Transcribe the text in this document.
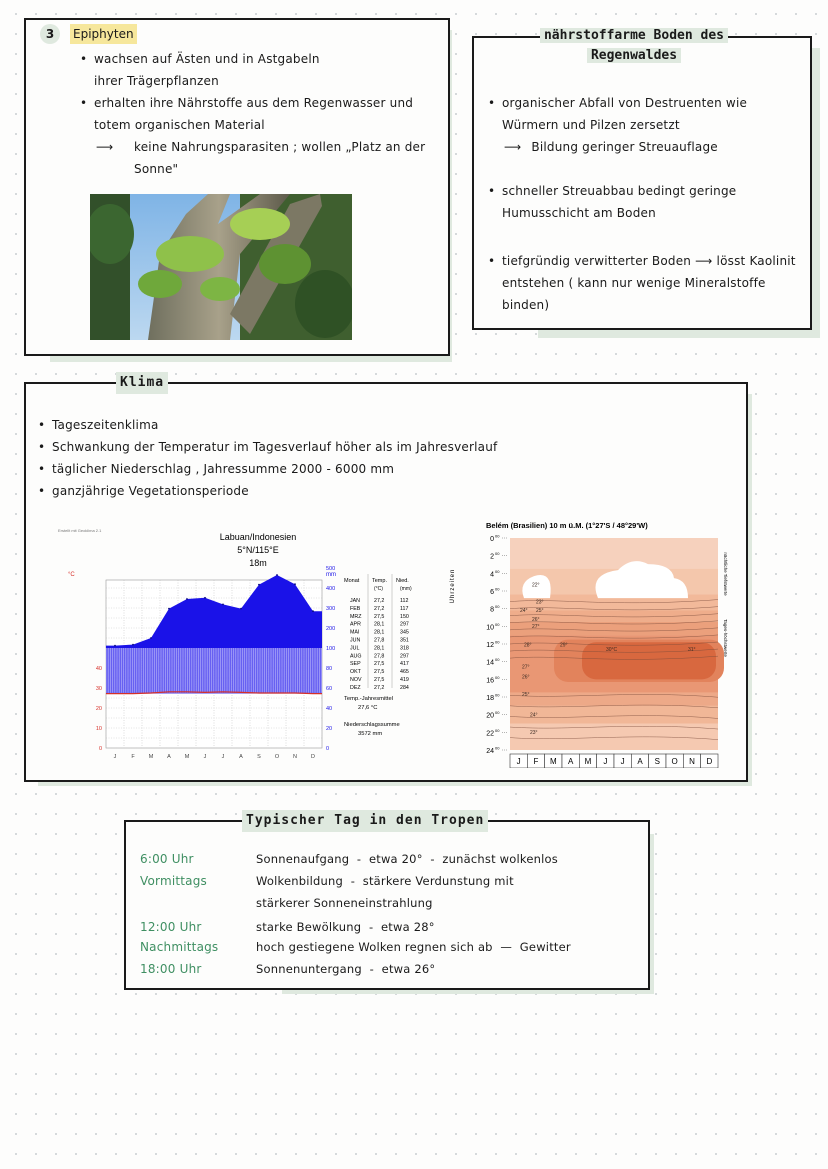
3	Epiphyten
• wachsen auf Ästen und in Astgabeln ihrer Trägerpflanzen
• erhalten ihre Nährstoffe aus dem Regenwasser und totem organischen Material
⟶	keine Nahrungsparasiten ; wollen „Platz an der Sonne"
nährstoffarme Boden des
Regenwaldes
• organischer Abfall von Destruenten wie Würmern und Pilzen zersetzt
⟶ Bildung geringer Streuauflage
• schneller Streuabbau bedingt geringe Humusschicht am Boden
• tiefgründig verwitterter Boden ⟶ lösst Kaolinit entstehen ( kann nur wenige Mineralstoffe binden)
Klima
• Tageszeitenklima
• Schwankung der Temperatur im Tagesverlauf höher als im Jahresverlauf
• täglicher Niederschlag , Jahressumme 2000 - 6000 mm
• ganzjährige Vegetationsperiode
Erstellt mit Geoklima 2.1
Labuan/Indonesien
5°N/115°E
18m
°C	mm
0
10
20
30
40
0
20
40
60
80
100
200
300
400
500
J	F	M	A	M	J	J	A	S	O	N	D
Monat Temp. Nied.
(°C)	(mm)
JAN	27,2	112
FEB	27,2	117
MRZ 27,5	150
APR 28,1	297
MAI	28,1	345
JUN	27,8	351
JUL	28,1	318
AUG 27,8	297
SEP	27,5	417
OKT 27,5	465
NOV 27,5	419
DEZ	27,2	284
Temp.-Jahresmittel
27,6 °C
Niederschlagssumme
3572 mm
Belém (Brasilien) 10 m ü.M. (1°27'S / 48°29'W)
Uhrzeiten	22°
23°
24° 25°
26°
27°
28°	29°
30°C	31°
27°
26°
25°
24°
23°
0 00
2 00
4 00
6 00
8 00
10 00
12 00
14 00
16 00
18 00
20 00
22 00
24 00
J F M A M J J A S O N D
nächtliche Tiefstwerte
Tages-höchstwerte
Typischer Tag in den Tropen
6:00 Uhr	Sonnenaufgang  -  etwa 20°  -  zunächst wolkenlos
Vormittags	Wolkenbildung  -  stärkere Verdunstung mit
stärkerer Sonneneinstrahlung
12:00 Uhr	starke Bewölkung  -  etwa 28°
Nachmittags	hoch gestiegene Wolken regnen sich ab  —  Gewitter
18:00 Uhr	Sonnenuntergang  -  etwa 26°
